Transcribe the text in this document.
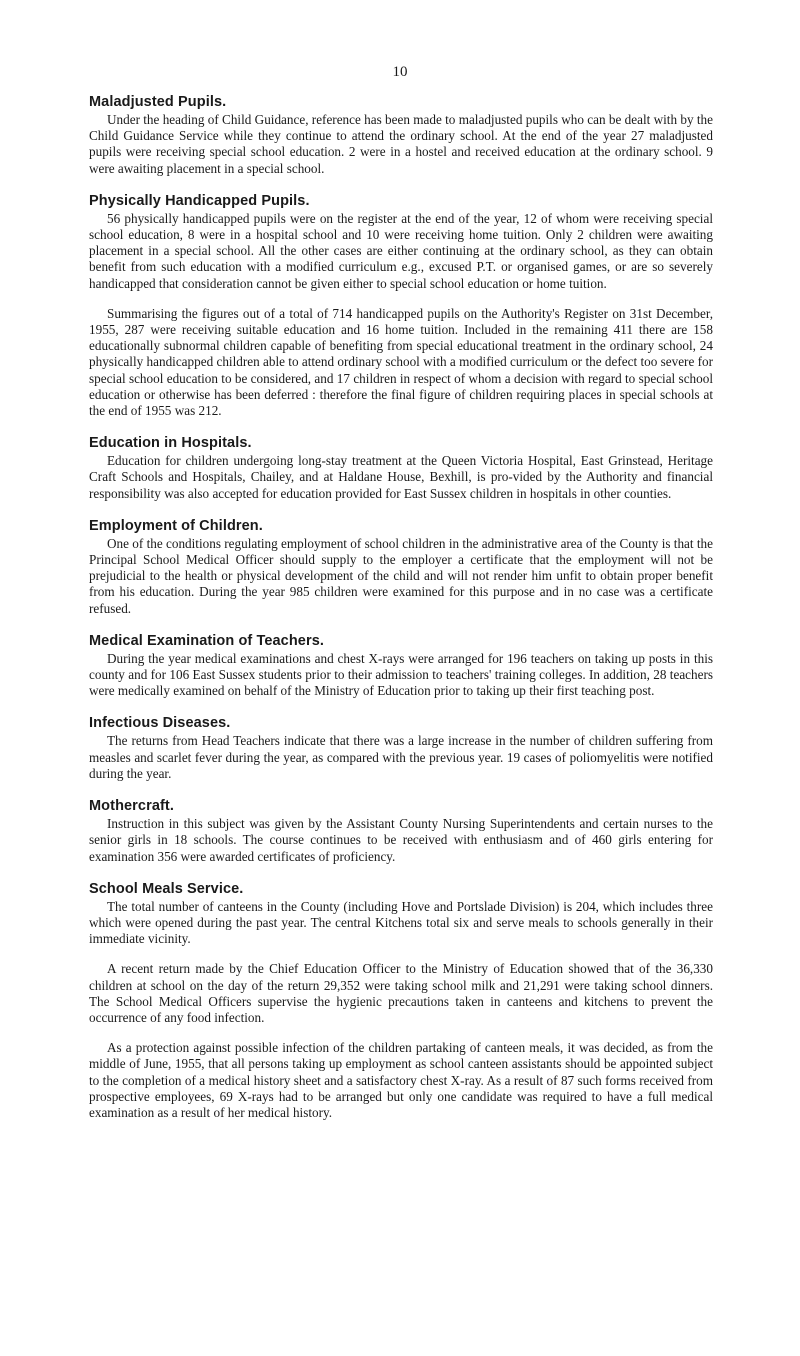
10

Maladjusted Pupils.

Under the heading of Child Guidance, reference has been made to maladjusted pupils who can be dealt with by the Child Guidance Service while they continue to attend the ordinary school. At the end of the year 27 maladjusted pupils were receiving special school education. 2 were in a hostel and received education at the ordinary school. 9 were awaiting placement in a special school.

Physically Handicapped Pupils.

56 physically handicapped pupils were on the register at the end of the year, 12 of whom were receiving special school education, 8 were in a hospital school and 10 were receiving home tuition. Only 2 children were awaiting placement in a special school. All the other cases are either continuing at the ordinary school, as they can obtain benefit from such education with a modified curriculum e.g., excused P.T. or organised games, or are so severely handicapped that consideration cannot be given either to special school education or home tuition.

Summarising the figures out of a total of 714 handicapped pupils on the Authority's Register on 31st December, 1955, 287 were receiving suitable education and 16 home tuition. Included in the remaining 411 there are 158 educationally subnormal children capable of benefiting from special educational treatment in the ordinary school, 24 physically handicapped children able to attend ordinary school with a modified curriculum or the defect too severe for special school education to be considered, and 17 children in respect of whom a decision with regard to special school education or otherwise has been deferred : therefore the final figure of children requiring places in special schools at the end of 1955 was 212.

Education in Hospitals.

Education for children undergoing long-stay treatment at the Queen Victoria Hospital, East Grinstead, Heritage Craft Schools and Hospitals, Chailey, and at Haldane House, Bexhill, is pro-vided by the Authority and financial responsibility was also accepted for education provided for East Sussex children in hospitals in other counties.

Employment of Children.

One of the conditions regulating employment of school children in the administrative area of the County is that the Principal School Medical Officer should supply to the employer a certificate that the employment will not be prejudicial to the health or physical development of the child and will not render him unfit to obtain proper benefit from his education. During the year 985 children were examined for this purpose and in no case was a certificate refused.

Medical Examination of Teachers.

During the year medical examinations and chest X-rays were arranged for 196 teachers on taking up posts in this county and for 106 East Sussex students prior to their admission to teachers' training colleges. In addition, 28 teachers were medically examined on behalf of the Ministry of Education prior to taking up their first teaching post.

Infectious Diseases.

The returns from Head Teachers indicate that there was a large increase in the number of children suffering from measles and scarlet fever during the year, as compared with the previous year. 19 cases of poliomyelitis were notified during the year.

Mothercraft.

Instruction in this subject was given by the Assistant County Nursing Superintendents and certain nurses to the senior girls in 18 schools. The course continues to be received with enthusiasm and of 460 girls entering for examination 356 were awarded certificates of proficiency.

School Meals Service.

The total number of canteens in the County (including Hove and Portslade Division) is 204, which includes three which were opened during the past year. The central Kitchens total six and serve meals to schools generally in their immediate vicinity.

A recent return made by the Chief Education Officer to the Ministry of Education showed that of the 36,330 children at school on the day of the return 29,352 were taking school milk and 21,291 were taking school dinners. The School Medical Officers supervise the hygienic precautions taken in canteens and kitchens to prevent the occurrence of any food infection.

As a protection against possible infection of the children partaking of canteen meals, it was decided, as from the middle of June, 1955, that all persons taking up employment as school canteen assistants should be appointed subject to the completion of a medical history sheet and a satisfactory chest X-ray. As a result of 87 such forms received from prospective employees, 69 X-rays had to be arranged but only one candidate was required to have a full medical examination as a result of her medical history.
